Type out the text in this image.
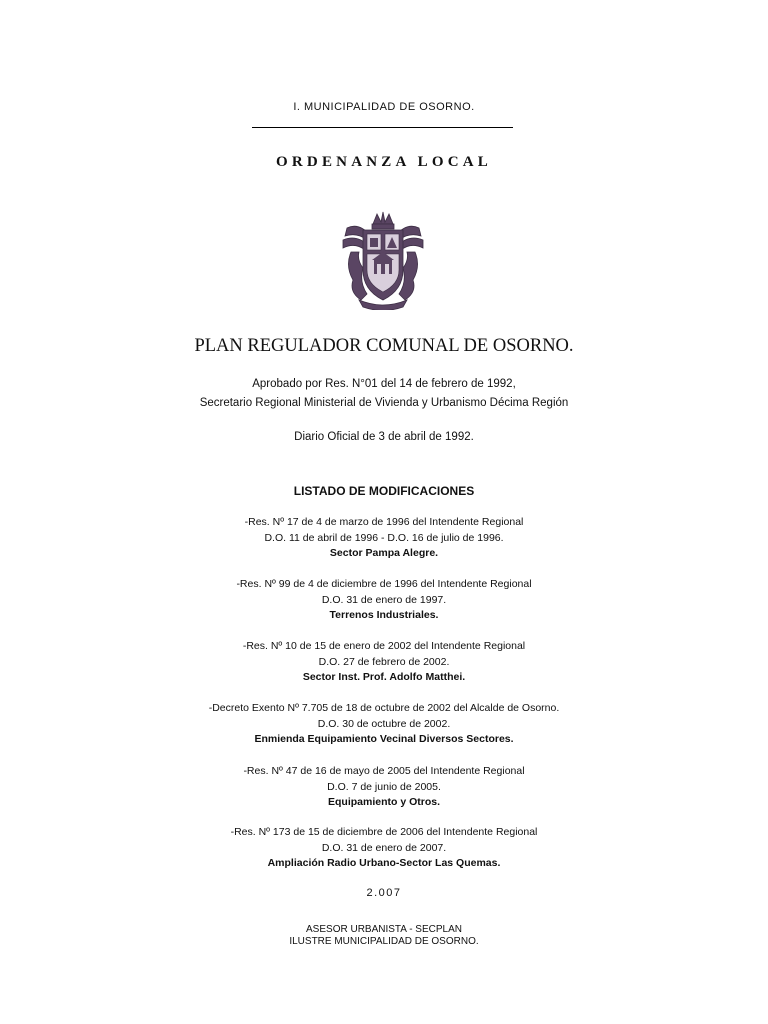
I. MUNICIPALIDAD DE OSORNO.
ORDENANZA LOCAL
PLAN REGULADOR COMUNAL DE OSORNO.
Aprobado por Res. N°01 del 14 de febrero de 1992,
Secretario Regional Ministerial de Vivienda y Urbanismo Décima Región
Diario Oficial de 3 de abril de 1992.
LISTADO DE MODIFICACIONES
-Res. Nº 17 de 4 de marzo de 1996 del Intendente Regional
D.O. 11 de abril de 1996 - D.O. 16 de julio de 1996.
Sector Pampa Alegre.
-Res. Nº 99 de 4 de diciembre de 1996 del Intendente Regional
D.O. 31 de enero de 1997.
Terrenos Industriales.
-Res. Nº 10 de 15 de enero de 2002 del Intendente Regional
D.O. 27 de febrero de 2002.
Sector Inst. Prof. Adolfo Matthei.
-Decreto Exento Nº 7.705 de 18 de octubre de 2002 del Alcalde de Osorno.
D.O. 30 de octubre de 2002.
Enmienda Equipamiento Vecinal Diversos Sectores.
-Res. Nº 47 de 16 de mayo de 2005 del Intendente Regional
D.O. 7 de junio de 2005.
Equipamiento y Otros.
-Res. Nº 173 de 15 de diciembre de 2006 del Intendente Regional
D.O. 31 de enero de 2007.
Ampliación Radio Urbano-Sector Las Quemas.
2.007
ASESOR URBANISTA - SECPLAN
ILUSTRE MUNICIPALIDAD DE OSORNO.
